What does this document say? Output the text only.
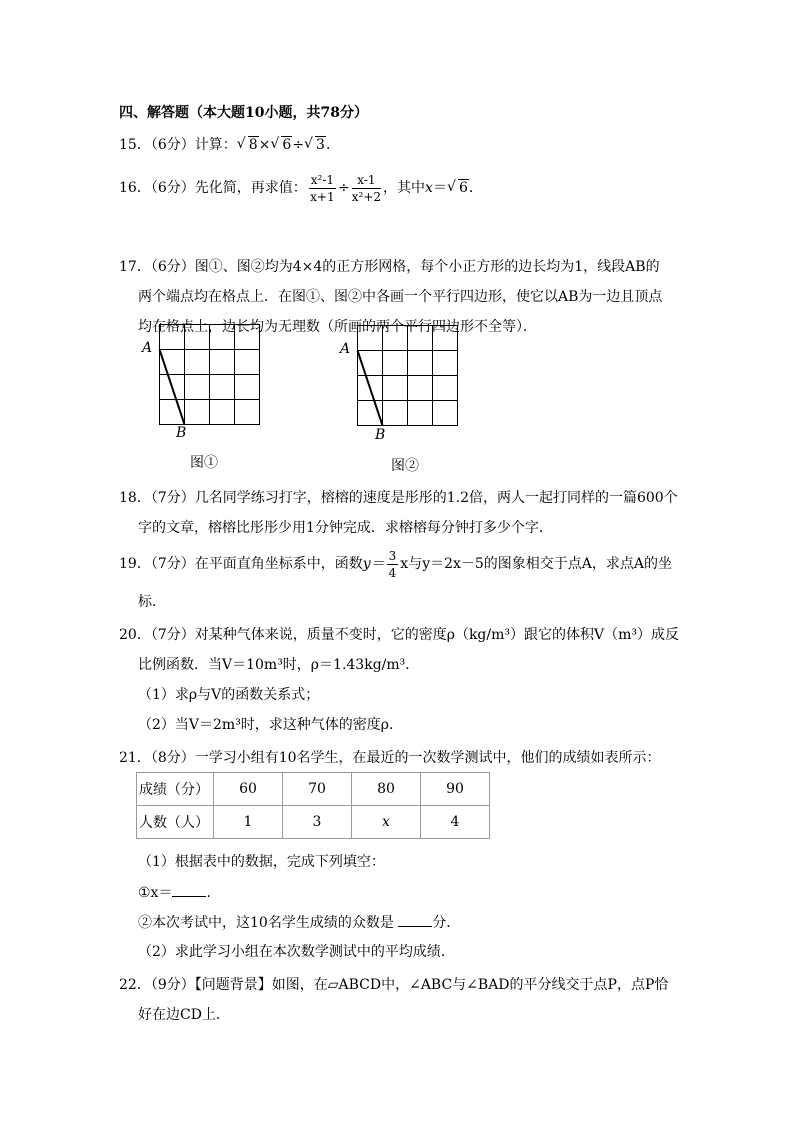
四、解答题（本大题10小题，共78分）
15．（6分）计算： √ 8× √ 6÷ √ 3．
16．（6分）先化简，再求值： $\frac{\text{x²-1}}{x+1} \div \frac{x-1}{\text{x²+2}}$ ，其中x＝ √ 6．
17．（6分）图①、图②均为4×4的正方形网格，每个小正方形的边长均为1，线段AB的
两个端点均在格点上．在图①、图②中各画一个平行四边形，使它以AB为一边且顶点
均在格点上，边长均为无理数（所画的两个平行四边形不全等）．
A
B
图①
A
B
图②
18．（7分）几名同学练习打字，榕榕的速度是彤彤的1.2倍，两人一起打同样的一篇600个
字的文章，榕榕比彤彤少用1分钟完成．求榕榕每分钟打多少个字．
19．（7分）在平面直角坐标系中，函数$y= \frac{3}{4}$ x与y＝2x－5的图象相交于点A，求点A的坐
标．
20．（7分）对某种气体来说，质量不变时，它的密度ρ（kg/m³）跟它的体积V（m³）成反
比例函数．当V＝10m³时，ρ＝1.43kg/m³．
（1）求ρ与V的函数关系式；
（2）当V＝2m³时，求这种气体的密度ρ．
21．（8分）一学习小组有10名学生，在最近的一次数学测试中，他们的成绩如表所示：
成绩（分）	60	70	80	90
人数（人）	1	3	x	4
（1）根据表中的数据，完成下列填空：
①x＝ ．
②本次考试中，这10名学生成绩的众数是	分．
（2）求此学习小组在本次数学测试中的平均成绩．
22．（9分）【问题背景】如图，在▱ABCD中，∠ABC与∠BAD的平分线交于点P，点P恰
好在边CD上．
